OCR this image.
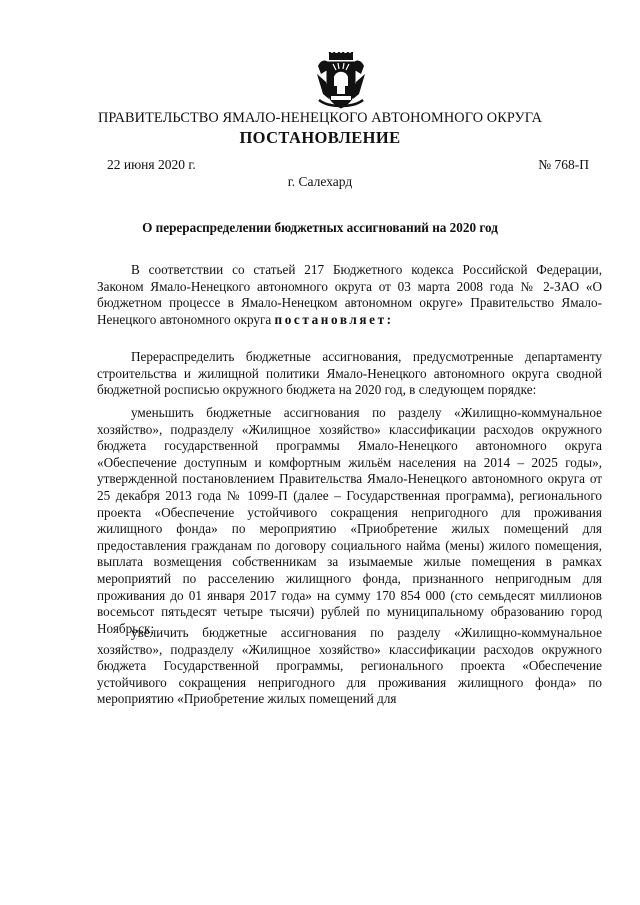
ПРАВИТЕЛЬСТВО ЯМАЛО-НЕНЕЦКОГО АВТОНОМНОГО ОКРУГА
ПОСТАНОВЛЕНИЕ
22 июня 2020 г.	№ 768-П
г. Салехард
О перераспределении бюджетных ассигнований на 2020 год

В соответствии со статьей 217 Бюджетного кодекса Российской Федерации, Законом Ямало-Ненецкого автономного округа от 03 марта 2008 года № 2-ЗАО «О бюджетном процессе в Ямало-Ненецком автономном округе» Правительство Ямало-Ненецкого автономного округа постановляет:

Перераспределить бюджетные ассигнования, предусмотренные департаменту строительства и жилищной политики Ямало-Ненецкого автономного округа сводной бюджетной росписью окружного бюджета на 2020 год, в следующем порядке:

уменьшить бюджетные ассигнования по разделу «Жилищно-коммунальное хозяйство», подразделу «Жилищное хозяйство» классификации расходов окружного бюджета государственной программы Ямало-Ненецкого автономного округа «Обеспечение доступным и комфортным жильём населения на 2014 – 2025 годы», утвержденной постановлением Правительства Ямало-Ненецкого автономного округа от 25 декабря 2013 года № 1099-П (далее – Государственная программа), регионального проекта «Обеспечение устойчивого сокращения непригодного для проживания жилищного фонда» по мероприятию «Приобретение жилых помещений для предоставления гражданам по договору социального найма (мены) жилого помещения, выплата возмещения собственникам за изымаемые жилые помещения в рамках мероприятий по расселению жилищного фонда, признанного непригодным для проживания до 01 января 2017 года» на сумму 170 854 000 (сто семьдесят миллионов восемьсот пятьдесят четыре тысячи) рублей по муниципальному образованию город Ноябрьск;

увеличить бюджетные ассигнования по разделу «Жилищно-коммунальное хозяйство», подразделу «Жилищное хозяйство» классификации расходов окружного бюджета Государственной программы, регионального проекта «Обеспечение устойчивого сокращения непригодного для проживания жилищного фонда» по мероприятию «Приобретение жилых помещений для
